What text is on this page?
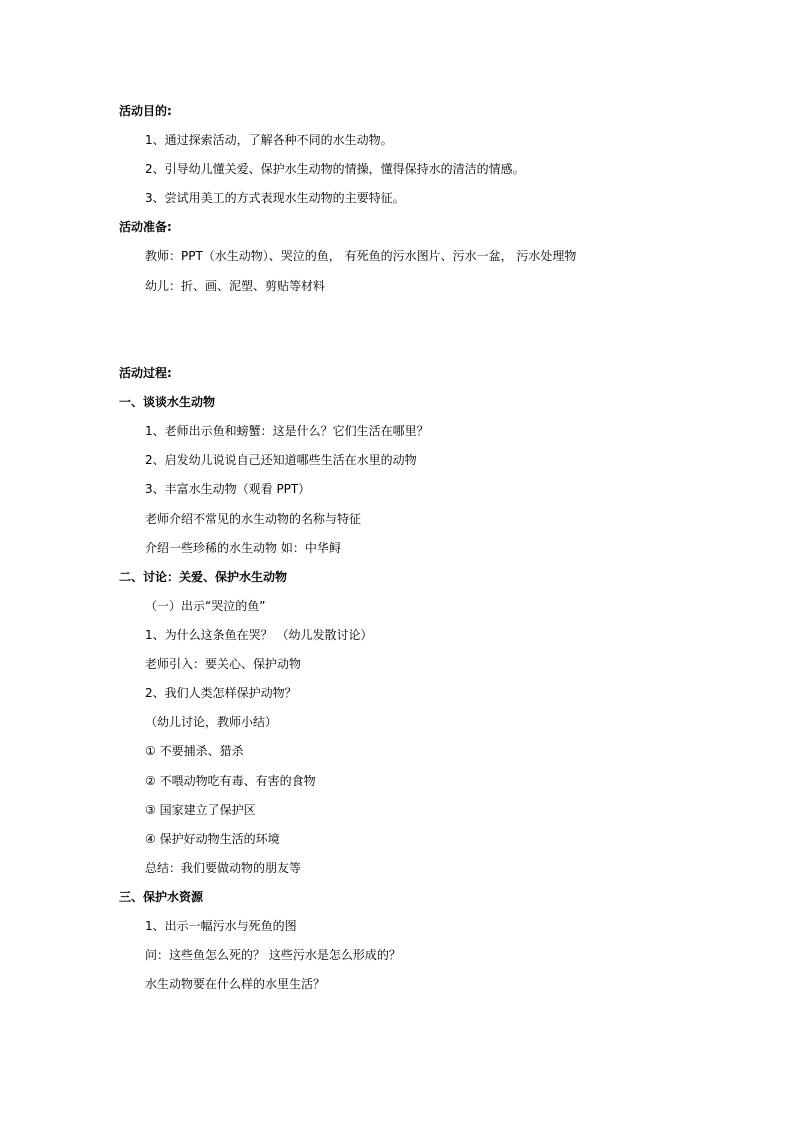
活动目的:
1、通过探索活动，了解各种不同的水生动物。
2、引导幼儿懂关爱、保护水生动物的情操，懂得保持水的清洁的情感。
3、尝试用美工的方式表现水生动物的主要特征。
活动准备:
教师：PPT（水生动物）、哭泣的鱼， 有死鱼的污水图片、污水一盆， 污水处理物
幼儿：折、画、泥塑、剪贴等材料
活动过程:
一、谈谈水生动物
1、老师出示鱼和螃蟹：这是什么？它们生活在哪里？
2、启发幼儿说说自己还知道哪些生活在水里的动物
3、丰富水生动物（观看 PPT）
老师介绍不常见的水生动物的名称与特征
介绍一些珍稀的水生动物 如：中华鲟
二、讨论：关爱、保护水生动物
（一）出示“哭泣的鱼”
1、为什么这条鱼在哭？ （幼儿发散讨论）
老师引入：要关心、保护动物
2、我们人类怎样保护动物？
（幼儿讨论，教师小结）
① 不要捕杀、猎杀
② 不喂动物吃有毒、有害的食物
③ 国家建立了保护区
④ 保护好动物生活的环境
总结：我们要做动物的朋友等
三、保护水资源
1、出示一幅污水与死鱼的图
问：这些鱼怎么死的？ 这些污水是怎么形成的？
水生动物要在什么样的水里生活？
